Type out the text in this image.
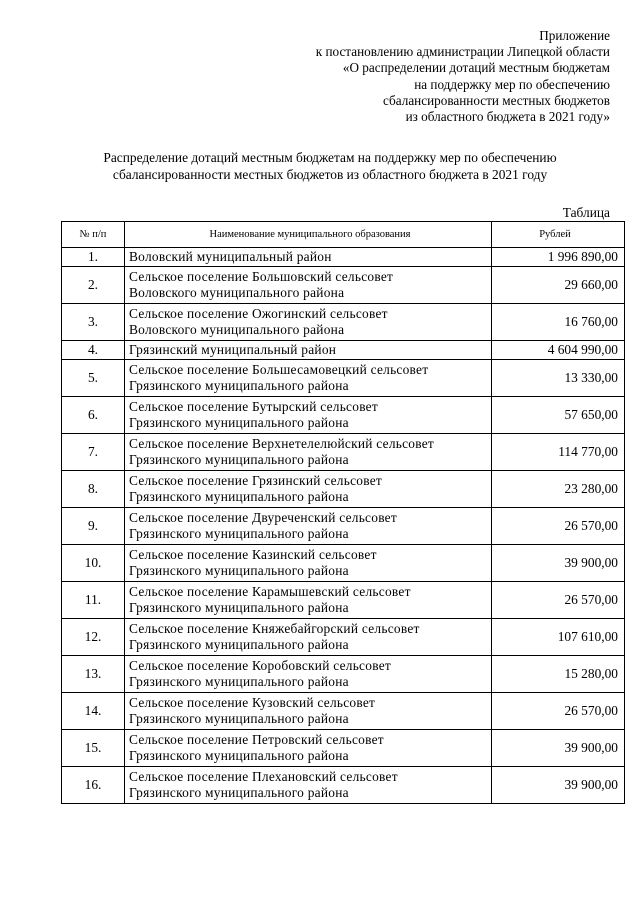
Приложение
к постановлению администрации Липецкой области
«О распределении дотаций местным бюджетам
на поддержку мер по обеспечению
сбалансированности местных бюджетов
из областного бюджета в 2021 году»
Распределение дотаций местным бюджетам на поддержку мер по обеспечению
сбалансированности местных бюджетов из областного бюджета в 2021 году
Таблица
№ п/п	Наименование муниципального образования	Рублей
1.	Воловский муниципальный район	1 996 890,00
2.	Сельское поселение Большовский сельсовет
Воловского муниципального района	29 660,00
3.	Сельское поселение Ожогинский сельсовет
Воловского муниципального района	16 760,00
4.	Грязинский муниципальный район	4 604 990,00
5.	Сельское поселение Большесамовецкий сельсовет
Грязинского муниципального района	13 330,00
6.	Сельское поселение Бутырский сельсовет
Грязинского муниципального района	57 650,00
7.	Сельское поселение Верхнетелелюйский сельсовет
Грязинского муниципального района	114 770,00
8.	Сельское поселение Грязинский сельсовет
Грязинского муниципального района	23 280,00
9.	Сельское поселение Двуреченский сельсовет
Грязинского муниципального района	26 570,00
10.	Сельское поселение Казинский сельсовет
Грязинского муниципального района	39 900,00
11.	Сельское поселение Карамышевский сельсовет
Грязинского муниципального района	26 570,00
12.	Сельское поселение Княжебайгорский сельсовет
Грязинского муниципального района	107 610,00
13.	Сельское поселение Коробовский сельсовет
Грязинского муниципального района	15 280,00
14.	Сельское поселение Кузовский сельсовет
Грязинского муниципального района	26 570,00
15.	Сельское поселение Петровский сельсовет
Грязинского муниципального района	39 900,00
16.	Сельское поселение Плехановский сельсовет
Грязинского муниципального района	39 900,00
